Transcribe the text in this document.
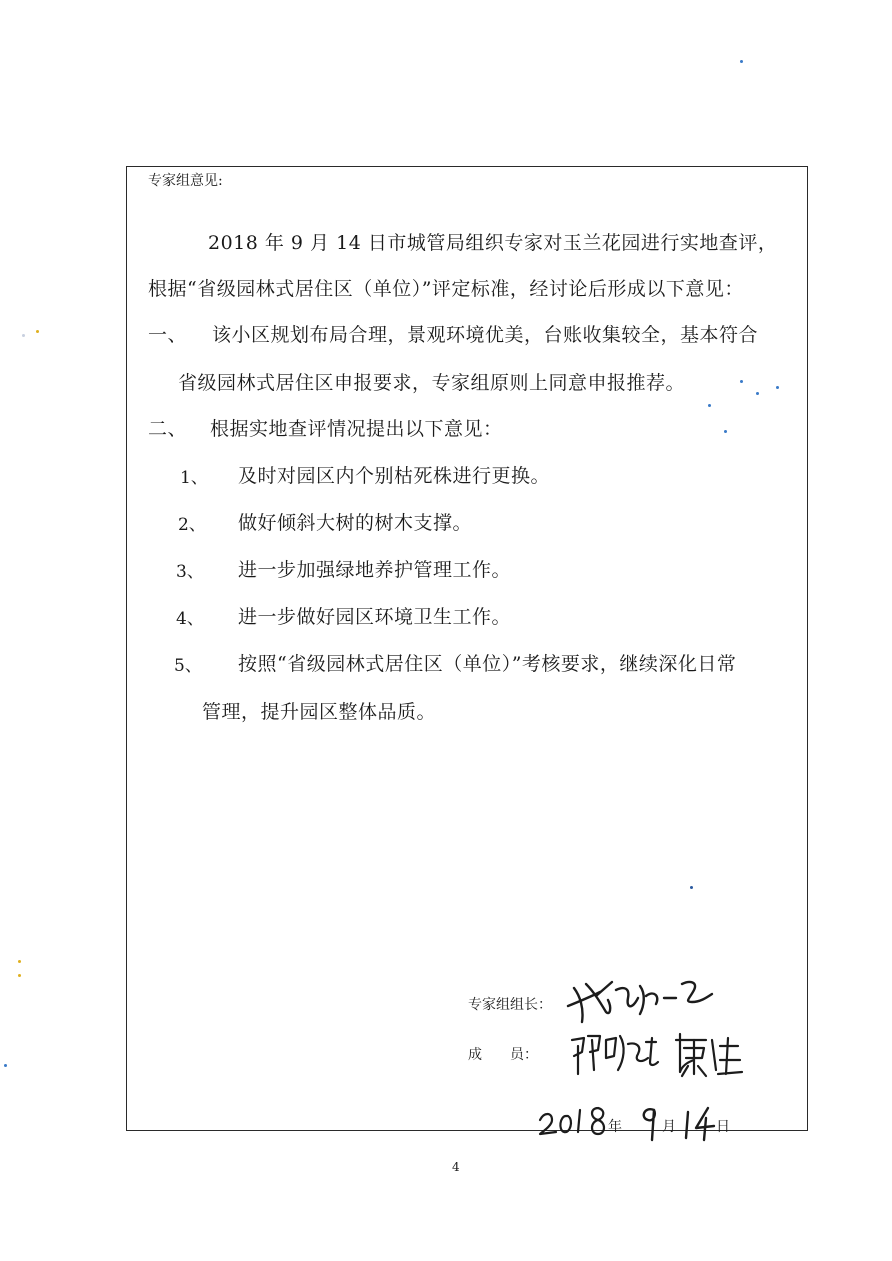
专家组意见:
2018 年 9 月 14 日市城管局组织专家对玉兰花园进行实地查评，
根据“省级园林式居住区（单位）”评定标准，经讨论后形成以下意见：
一、 该小区规划布局合理，景观环境优美，台账收集较全，基本符合
省级园林式居住区申报要求，专家组原则上同意申报推荐。
二、 根据实地查评情况提出以下意见：
1、 及时对园区内个别枯死株进行更换。
2、 做好倾斜大树的树木支撑。
3、 进一步加强绿地养护管理工作。
4、 进一步做好园区环境卫生工作。
5、 按照“省级园林式居住区（单位）”考核要求，继续深化日常
管理，提升园区整体品质。
专家组组长：
成　　员：
年	月	日
4
